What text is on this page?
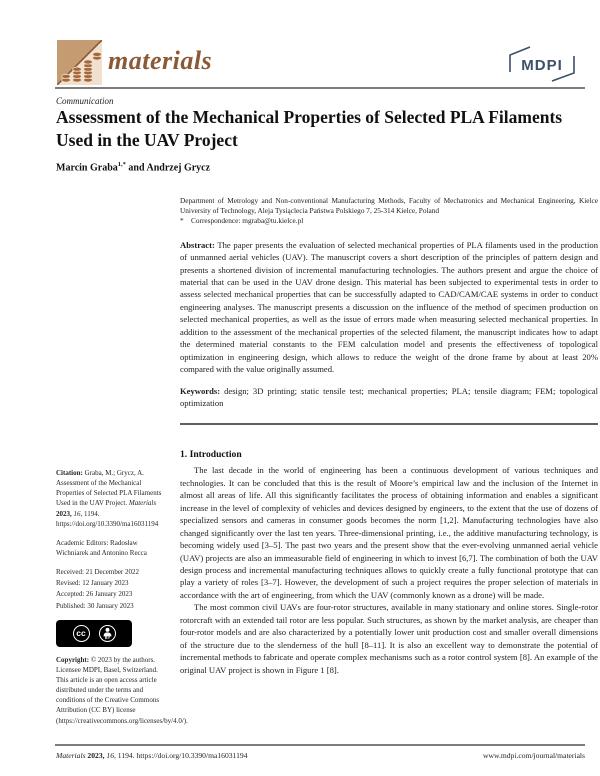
materials	MDPI
Communication
Assessment of the Mechanical Properties of Selected PLA Filaments Used in the UAV Project
Marcin Graba$^{1,*}$ and Andrzej Grycz

Department of Metrology and Non-conventional Manufacturing Methods, Faculty of Mechatronics and Mechanical Engineering, Kielce University of Technology, Aleja Tysiąclecia Państwa Polskiego 7, 25-314 Kielce, Poland

*	Correspondence: mgraba@tu.kielce.pl

Abstract: The paper presents the evaluation of selected mechanical properties of PLA filaments used in the production of unmanned aerial vehicles (UAV). The manuscript covers a short description of the principles of pattern design and presents a shortened division of incremental manufacturing technologies. The authors present and argue the choice of material that can be used in the UAV drone design. This material has been subjected to experimental tests in order to assess selected mechanical properties that can be successfully adapted to CAD/CAM/CAE systems in order to conduct engineering analyses. The manuscript presents a discussion on the influence of the method of specimen production on selected mechanical properties, as well as the issue of errors made when measuring selected mechanical properties. In addition to the assessment of the mechanical properties of the selected filament, the manuscript indicates how to adapt the determined material constants to the FEM calculation model and presents the effectiveness of topological optimization in engineering design, which allows to reduce the weight of the drone frame by about at least 20% compared with the value originally assumed.

Keywords: design; 3D printing; static tensile test; mechanical properties; PLA; tensile diagram; FEM; topological optimization

1. Introduction

The last decade in the world of engineering has been a continuous development of various techniques and technologies. It can be concluded that this is the result of Moore’s empirical law and the inclusion of the Internet in almost all areas of life. All this significantly facilitates the process of obtaining information and enables a significant increase in the level of complexity of vehicles and devices designed by engineers, to the extent that the use of dozens of specialized sensors and cameras in consumer goods becomes the norm [1,2]. Manufacturing technologies have also changed significantly over the last ten years. Three-dimensional printing, i.e., the additive manufacturing technology, is becoming widely used [3–5]. The past two years and the present show that the ever-evolving unmanned aerial vehicle (UAV) projects are also an immeasurable field of engineering in which to invest [6,7]. The combination of both the UAV design process and incremental manufacturing techniques allows to quickly create a fully functional prototype that can play a variety of roles [3–7]. However, the development of such a project requires the proper selection of materials in accordance with the art of engineering, from which the UAV (commonly known as a drone) will be made.

The most common civil UAVs are four-rotor structures, available in many stationary and online stores. Single-rotor rotorcraft with an extended tail rotor are less popular. Such structures, as shown by the market analysis, are cheaper than four-rotor models and are also characterized by a potentially lower unit production cost and smaller overall dimensions of the structure due to the slenderness of the hull [8–11]. It is also an excellent way to demonstrate the potential of incremental methods to fabricate and operate complex mechanisms such as a rotor control system [8]. An example of the original UAV project is shown in Figure 1 [8].

Citation: Graba, M.; Grycz, A. Assessment of the Mechanical Properties of Selected PLA Filaments Used in the UAV Project. Materials 2023, 16, 1194.
https://doi.org/10.3390/ma16031194
Academic Editors: Radosław Wichniarek and Antonino Recca
Received: 21 December 2022
Revised: 12 January 2023
Accepted: 26 January 2023
Published: 30 January 2023
cc	BY
Copyright: © 2023 by the authors. Licensee MDPI, Basel, Switzerland. This article is an open access article distributed under the terms and conditions of the Creative Commons Attribution (CC BY) license (https://creativecommons.org/licenses/by/4.0/).
Materials 2023, 16, 1194. https://doi.org/10.3390/ma16031194	www.mdpi.com/journal/materials
